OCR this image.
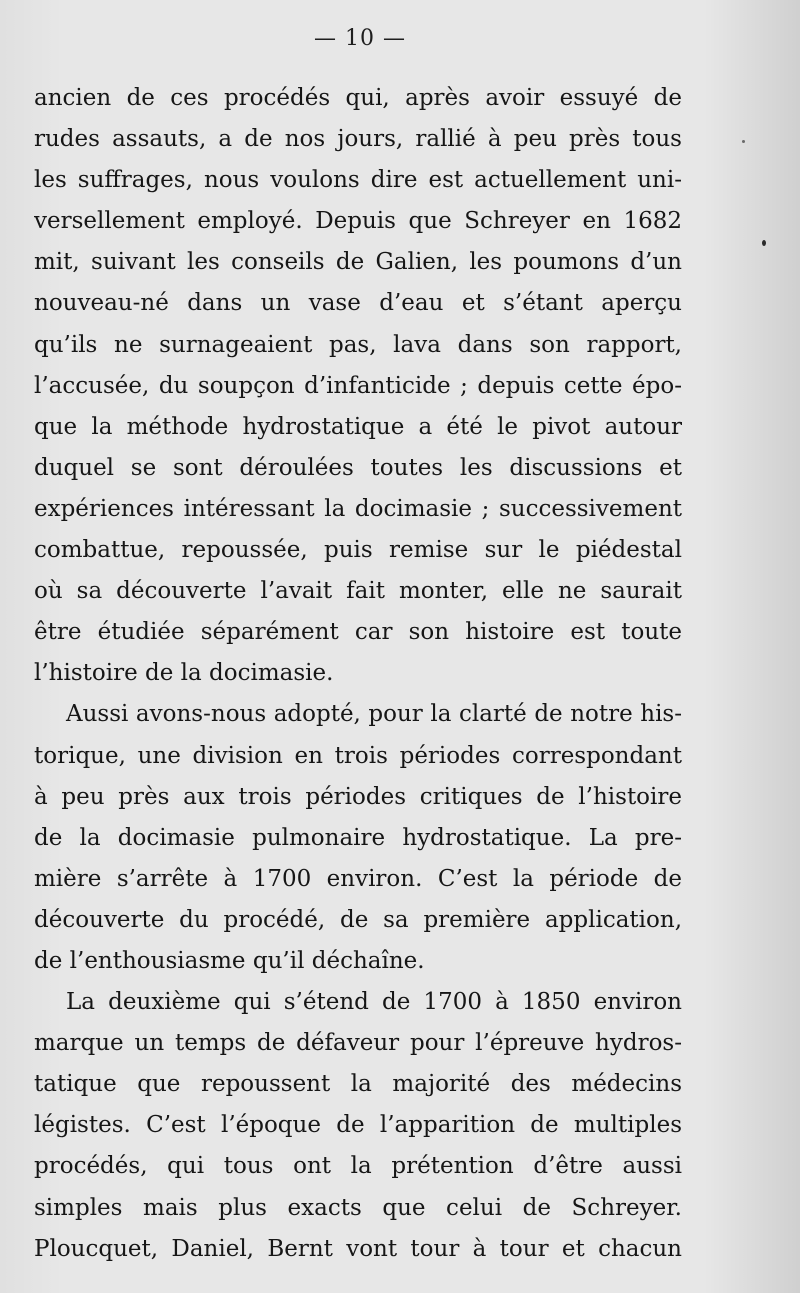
— 10 —
ancien de ces procédés qui, après avoir essuyé de
rudes assauts, a de nos jours, rallié à peu près tous
les suffrages, nous voulons dire est actuellement uni-
versellement employé. Depuis que Schreyer en 1682
mit, suivant les conseils de Galien, les poumons d’un
nouveau-né dans un vase d’eau et s’étant aperçu
qu’ils ne surnageaient pas, lava dans son rapport,
l’accusée, du soupçon d’infanticide ; depuis cette épo-
que la méthode hydrostatique a été le pivot autour
duquel se sont déroulées toutes les discussions et
expériences intéressant la docimasie ; successivement
combattue, repoussée, puis remise sur le piédestal
où sa découverte l’avait fait monter, elle ne saurait
être étudiée séparément car son histoire est toute
l’histoire de la docimasie.
Aussi avons-nous adopté, pour la clarté de notre his-
torique, une division en trois périodes correspondant
à peu près aux trois périodes critiques de l’histoire
de la docimasie pulmonaire hydrostatique. La pre-
mière s’arrête à 1700 environ. C’est la période de
découverte du procédé, de sa première application,
de l’enthousiasme qu’il déchaîne.
La deuxième qui s’étend de 1700 à 1850 environ
marque un temps de défaveur pour l’épreuve hydros-
tatique que repoussent la majorité des médecins
légistes. C’est l’époque de l’apparition de multiples
procédés, qui tous ont la prétention d’être aussi
simples mais plus exacts que celui de Schreyer.
Ploucquet, Daniel, Bernt vont tour à tour et chacun
